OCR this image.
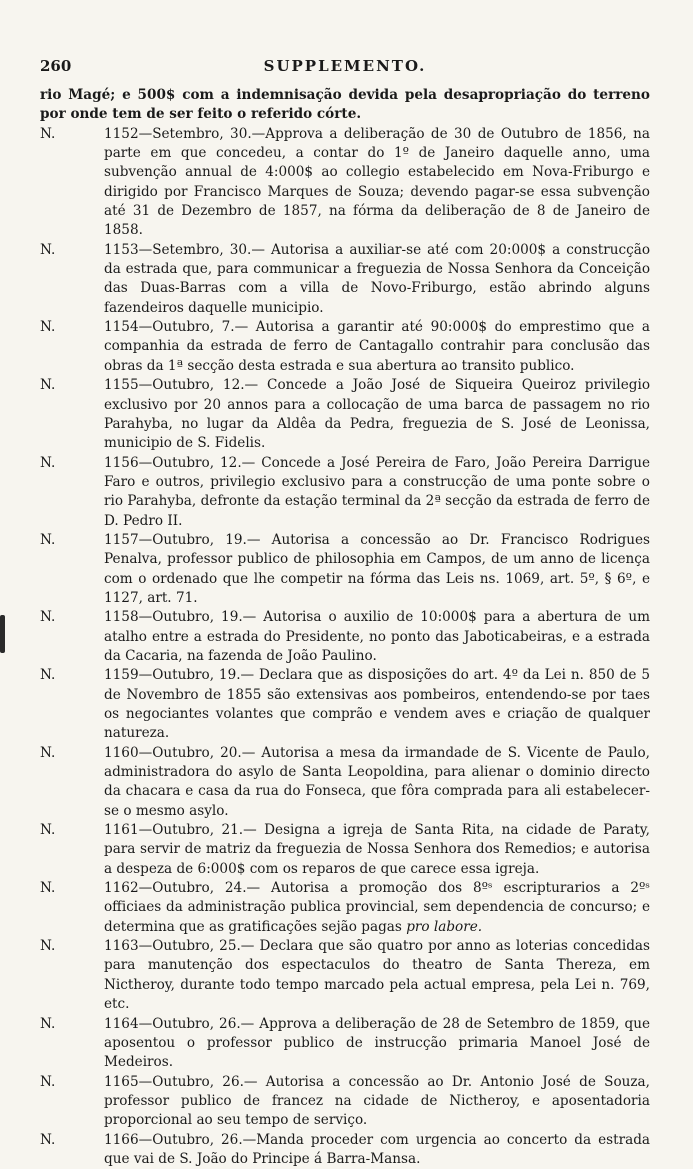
260	SUPPLEMENTO.

rio Magé; e 500$ com a indemnisação devida pela desapropriação do terreno por onde tem de ser feito o referido córte.

N.	1152—Setembro, 30.—Approva a deliberação de 30 de Outubro de 1856, na parte em que concedeu, a contar do 1º de Janeiro daquelle anno, uma subvenção annual de 4:000$ ao collegio estabelecido em Nova-Friburgo e dirigido por Francisco Marques de Souza; devendo pagar-se essa subvenção até 31 de Dezembro de 1857, na fórma da deliberação de 8 de Janeiro de 1858.

N.	1153—Setembro, 30.— Autorisa a auxiliar-se até com 20:000$ a construcção da estrada que, para communicar a freguezia de Nossa Senhora da Conceição das Duas-Barras com a villa de Novo-Friburgo, estão abrindo alguns fazendeiros daquelle municipio.

N.	1154—Outubro, 7.— Autorisa a garantir até 90:000$ do emprestimo que a companhia da estrada de ferro de Cantagallo contrahir para conclusão das obras da 1ª secção desta estrada e sua abertura ao transito publico.

N.	1155—Outubro, 12.— Concede a João José de Siqueira Queiroz privilegio exclusivo por 20 annos para a collocação de uma barca de passagem no rio Parahyba, no lugar da Aldêa da Pedra, freguezia de S. José de Leonissa, municipio de S. Fidelis.

N.	1156—Outubro, 12.— Concede a José Pereira de Faro, João Pereira Darrigue Faro e outros, privilegio exclusivo para a construcção de uma ponte sobre o rio Parahyba, defronte da estação terminal da 2ª secção da estrada de ferro de D. Pedro II.

N.	1157—Outubro, 19.— Autorisa a concessão ao Dr. Francisco Rodrigues Penalva, professor publico de philosophia em Campos, de um anno de licença com o ordenado que lhe competir na fórma das Leis ns. 1069, art. 5º, § 6º, e 1127, art. 71.

N.	1158—Outubro, 19.— Autorisa o auxilio de 10:000$ para a abertura de um atalho entre a estrada do Presidente, no ponto das Jaboticabeiras, e a estrada da Cacaria, na fazenda de João Paulino.

N.	1159—Outubro, 19.— Declara que as disposições do art. 4º da Lei n. 850 de 5 de Novembro de 1855 são extensivas aos pombeiros, entendendo-se por taes os negociantes volantes que comprão e vendem aves e criação de qualquer natureza.

N.	1160—Outubro, 20.— Autorisa a mesa da irmandade de S. Vicente de Paulo, administradora do asylo de Santa Leopoldina, para alienar o dominio directo da chacara e casa da rua do Fonseca, que fôra comprada para ali estabelecer-se o mesmo asylo.

N.	1161—Outubro, 21.— Designa a igreja de Santa Rita, na cidade de Paraty, para servir de matriz da freguezia de Nossa Senhora dos Remedios; e autorisa a despeza de 6:000$ com os reparos de que carece essa igreja.

N.	1162—Outubro, 24.— Autorisa a promoção dos 8ºˢ escripturarios a 2ºˢ officiaes da administração publica provincial, sem dependencia de concurso; e determina que as gratificações sejão pagas pro labore.

N.	1163—Outubro, 25.— Declara que são quatro por anno as loterias concedidas para manutenção dos espectaculos do theatro de Santa Thereza, em Nictheroy, durante todo tempo marcado pela actual empresa, pela Lei n. 769, etc.

N.	1164—Outubro, 26.— Approva a deliberação de 28 de Setembro de 1859, que aposentou o professor publico de instrucção primaria Manoel José de Medeiros.

N.	1165—Outubro, 26.— Autorisa a concessão ao Dr. Antonio José de Souza, professor publico de francez na cidade de Nictheroy, e aposentadoria proporcional ao seu tempo de serviço.

N.	1166—Outubro, 26.—Manda proceder com urgencia ao concerto da estrada que vai de S. João do Principe á Barra-Mansa.
